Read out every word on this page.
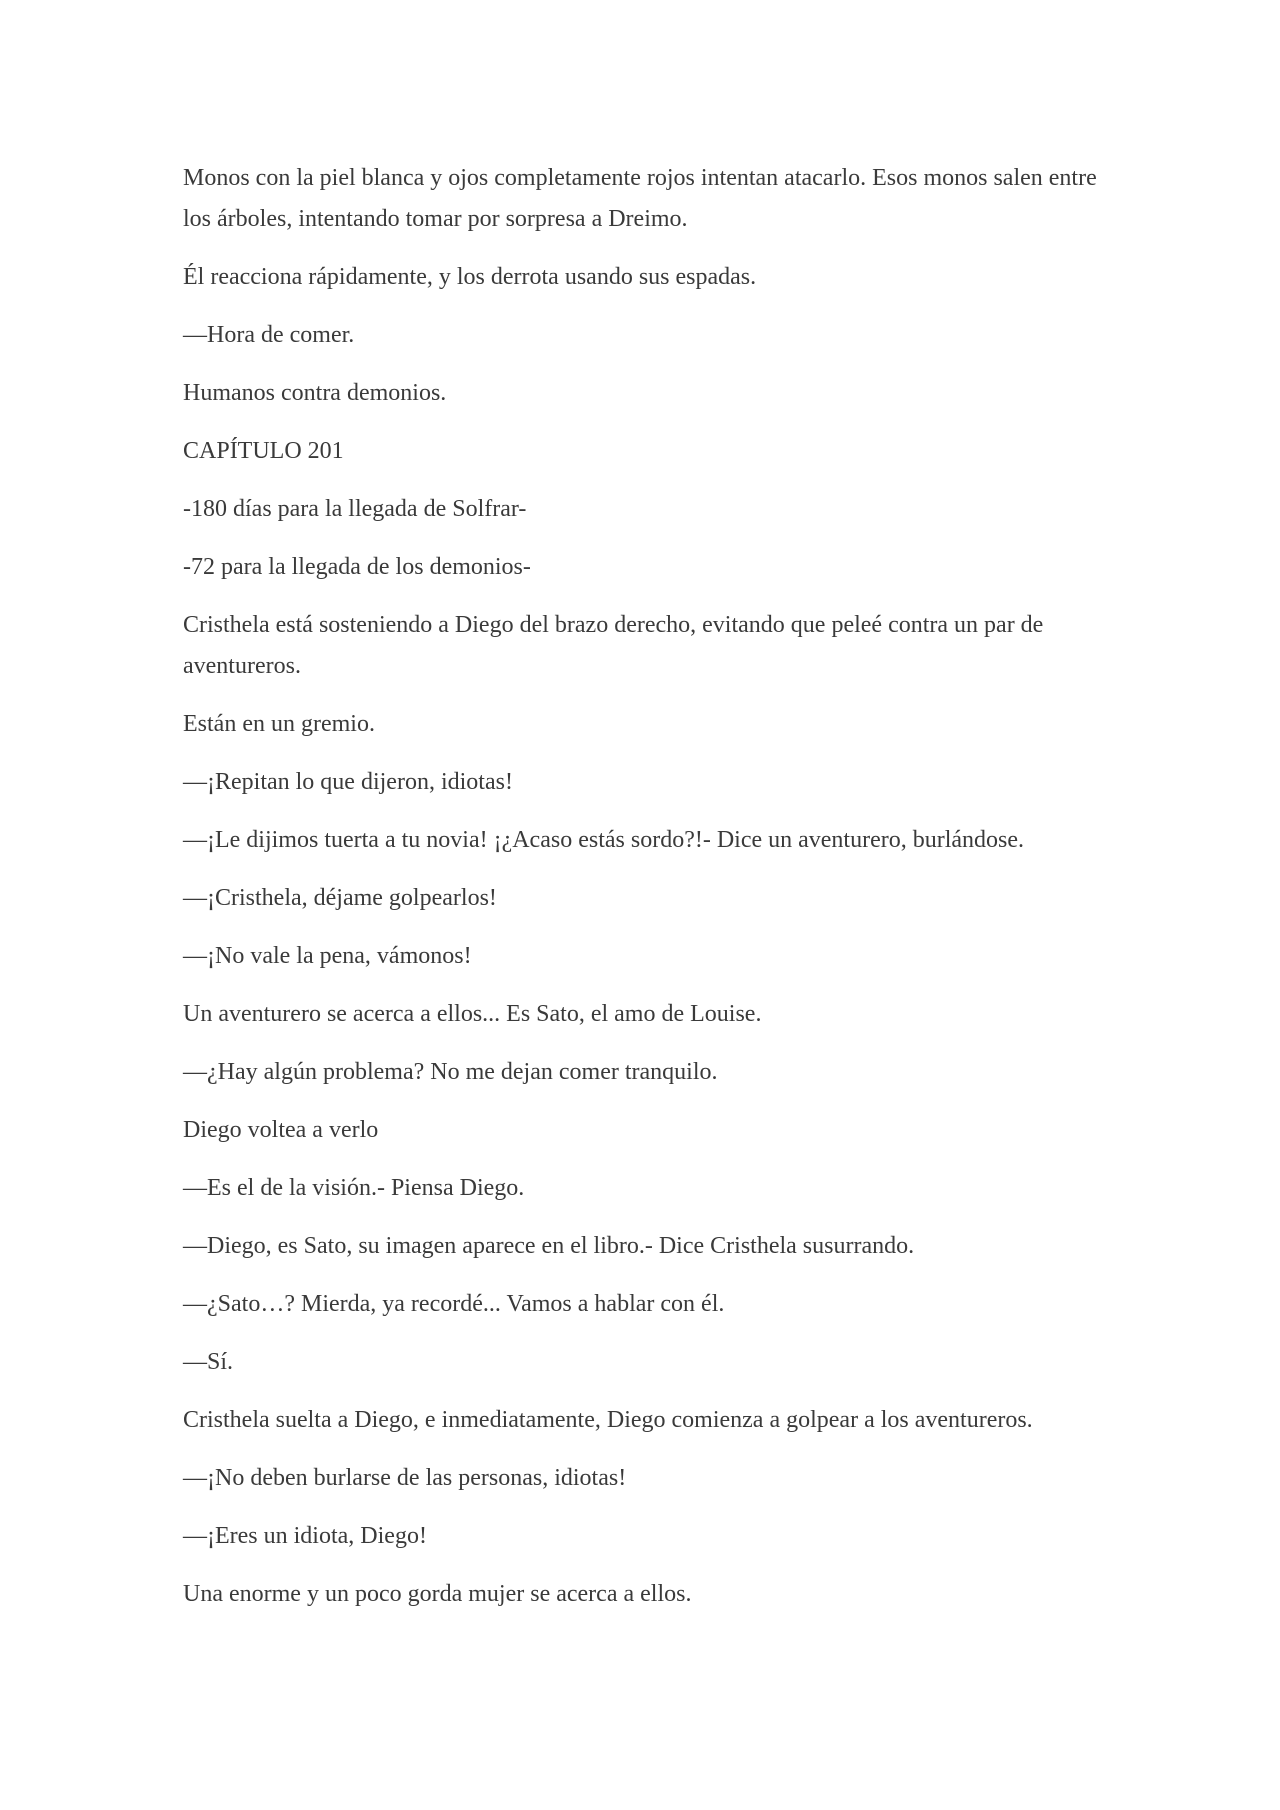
Monos con la piel blanca y ojos completamente rojos intentan atacarlo. Esos monos salen entre los árboles, intentando tomar por sorpresa a Dreimo.

Él reacciona rápidamente, y los derrota usando sus espadas.

—Hora de comer.

Humanos contra demonios.

CAPÍTULO 201

-180 días para la llegada de Solfrar-

-72 para la llegada de los demonios-

Cristhela está sosteniendo a Diego del brazo derecho, evitando que peleé contra un par de aventureros.

Están en un gremio.

—¡Repitan lo que dijeron, idiotas!

—¡Le dijimos tuerta a tu novia! ¡¿Acaso estás sordo?!- Dice un aventurero, burlándose.

—¡Cristhela, déjame golpearlos!

—¡No vale la pena, vámonos!

Un aventurero se acerca a ellos... Es Sato, el amo de Louise.

—¿Hay algún problema? No me dejan comer tranquilo.

Diego voltea a verlo

—Es el de la visión.- Piensa Diego.

—Diego, es Sato, su imagen aparece en el libro.- Dice Cristhela susurrando.

—¿Sato…? Mierda, ya recordé... Vamos a hablar con él.

—Sí.

Cristhela suelta a Diego, e inmediatamente, Diego comienza a golpear a los aventureros.

—¡No deben burlarse de las personas, idiotas!

—¡Eres un idiota, Diego!

Una enorme y un poco gorda mujer se acerca a ellos.
